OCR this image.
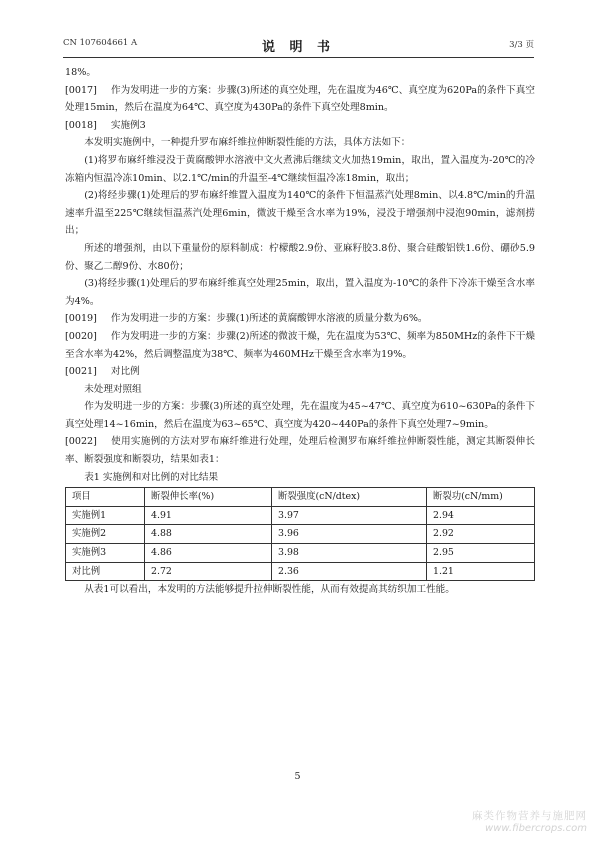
CN 107604661 A	说 明 书	3/3 页

18%。

[0017] 作为发明进一步的方案：步骤(3)所述的真空处理，先在温度为46℃、真空度为620Pa的条件下真空处理15min，然后在温度为64℃、真空度为430Pa的条件下真空处理8min。

[0018] 实施例3

本发明实施例中，一种提升罗布麻纤维拉伸断裂性能的方法，具体方法如下：

(1)将罗布麻纤维浸没于黄腐酸钾水溶液中文火煮沸后继续文火加热19min，取出，置入温度为-20℃的冷冻箱内恒温冷冻10min、以2.1℃/min的升温至-4℃继续恒温冷冻18min，取出；

(2)将经步骤(1)处理后的罗布麻纤维置入温度为140℃的条件下恒温蒸汽处理8min、以4.8℃/min的升温速率升温至225℃继续恒温蒸汽处理6min，微波干燥至含水率为19%，浸没于增强剂中浸泡90min，滤剂捞出；

所述的增强剂，由以下重量份的原料制成：柠檬酸2.9份、亚麻籽胶3.8份、聚合硅酸铝铁1.6份、硼砂5.9份、聚乙二醇9份、水80份；

(3)将经步骤(1)处理后的罗布麻纤维真空处理25min，取出，置入温度为-10℃的条件下冷冻干燥至含水率为4%。

[0019] 作为发明进一步的方案：步骤(1)所述的黄腐酸钾水溶液的质量分数为6%。

[0020] 作为发明进一步的方案：步骤(2)所述的微波干燥，先在温度为53℃、频率为850MHz的条件下干燥至含水率为42%，然后调整温度为38℃、频率为460MHz干燥至含水率为19%。

[0021] 对比例

未处理对照组

作为发明进一步的方案：步骤(3)所述的真空处理，先在温度为45~47℃、真空度为610~630Pa的条件下真空处理14~16min，然后在温度为63~65℃、真空度为420~440Pa的条件下真空处理7~9min。

[0022] 使用实施例的方法对罗布麻纤维进行处理，处理后检测罗布麻纤维拉伸断裂性能，测定其断裂伸长率、断裂强度和断裂功，结果如表1：

表1 实施例和对比例的对比结果

项目	断裂伸长率(%)	断裂强度(cN/dtex)	断裂功(cN/mm)
实施例1	4.91	3.97	2.94
实施例2	4.88	3.96	2.92
实施例3	4.86	3.98	2.95
对比例	2.72	2.36	1.21

从表1可以看出，本发明的方法能够提升拉伸断裂性能，从而有效提高其纺织加工性能。

5
麻类作物营养与施肥网
www.fibercrops.com
